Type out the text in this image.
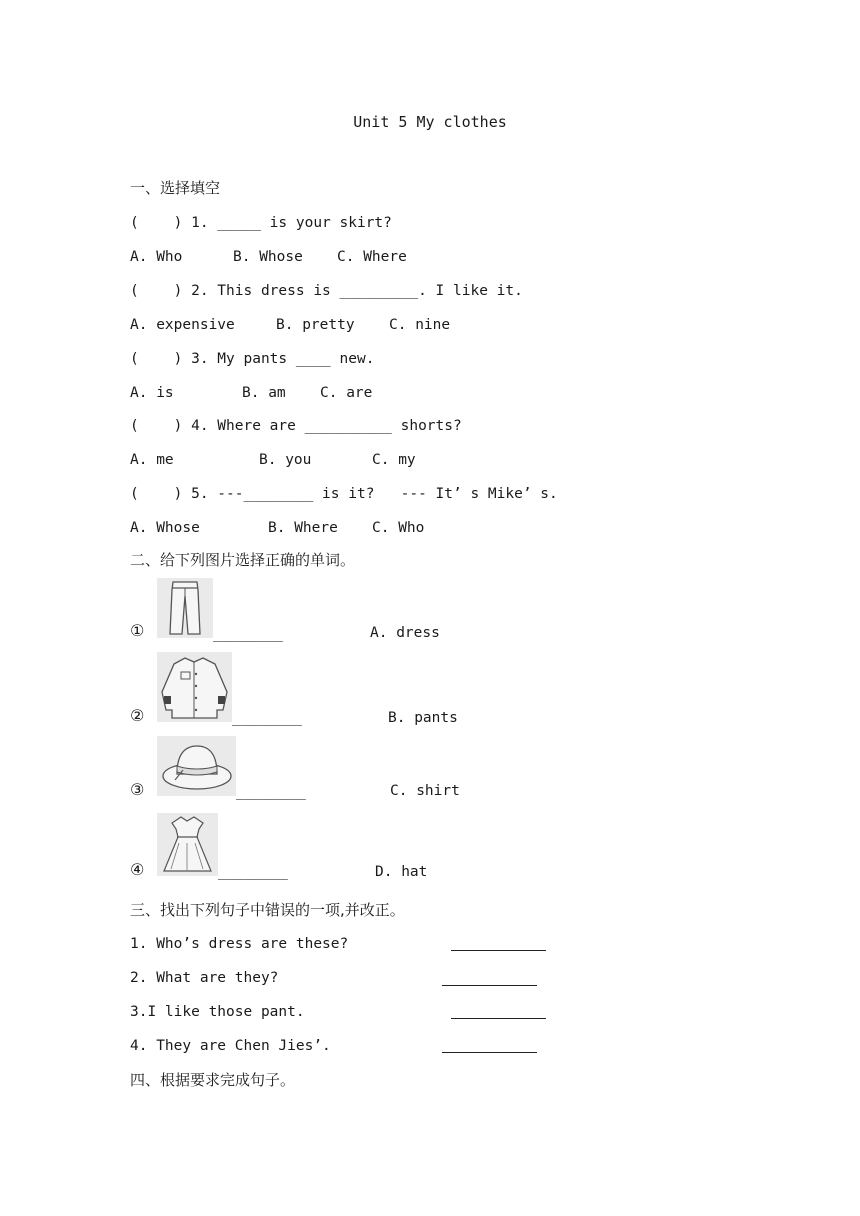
Unit 5 My clothes
一、选择填空
(    ) 1. _____ is your skirt?
A. Who	B. Whose C. Where
(    ) 2. This dress is _________. I like it.
A. expensive	B. pretty C. nine
(    ) 3. My pants ____ new.
A. is	B. am C. are
(    ) 4. Where are __________ shorts?
A. me	B. you	C. my
(    ) 5. ---________ is it?   --- It’ s Mike’ s.
A. Whose	B. Where C. Who
二、给下列图片选择正确的单词。
①	________	A. dress
②	________	B. pants
③	________	C. shirt
④	________	D. hat
三、找出下列句子中错误的一项,并改正。
1. Who’s dress are these?
2. What are they?
3.I like those pant.
4. They are Chen Jies’.
四、根据要求完成句子。
